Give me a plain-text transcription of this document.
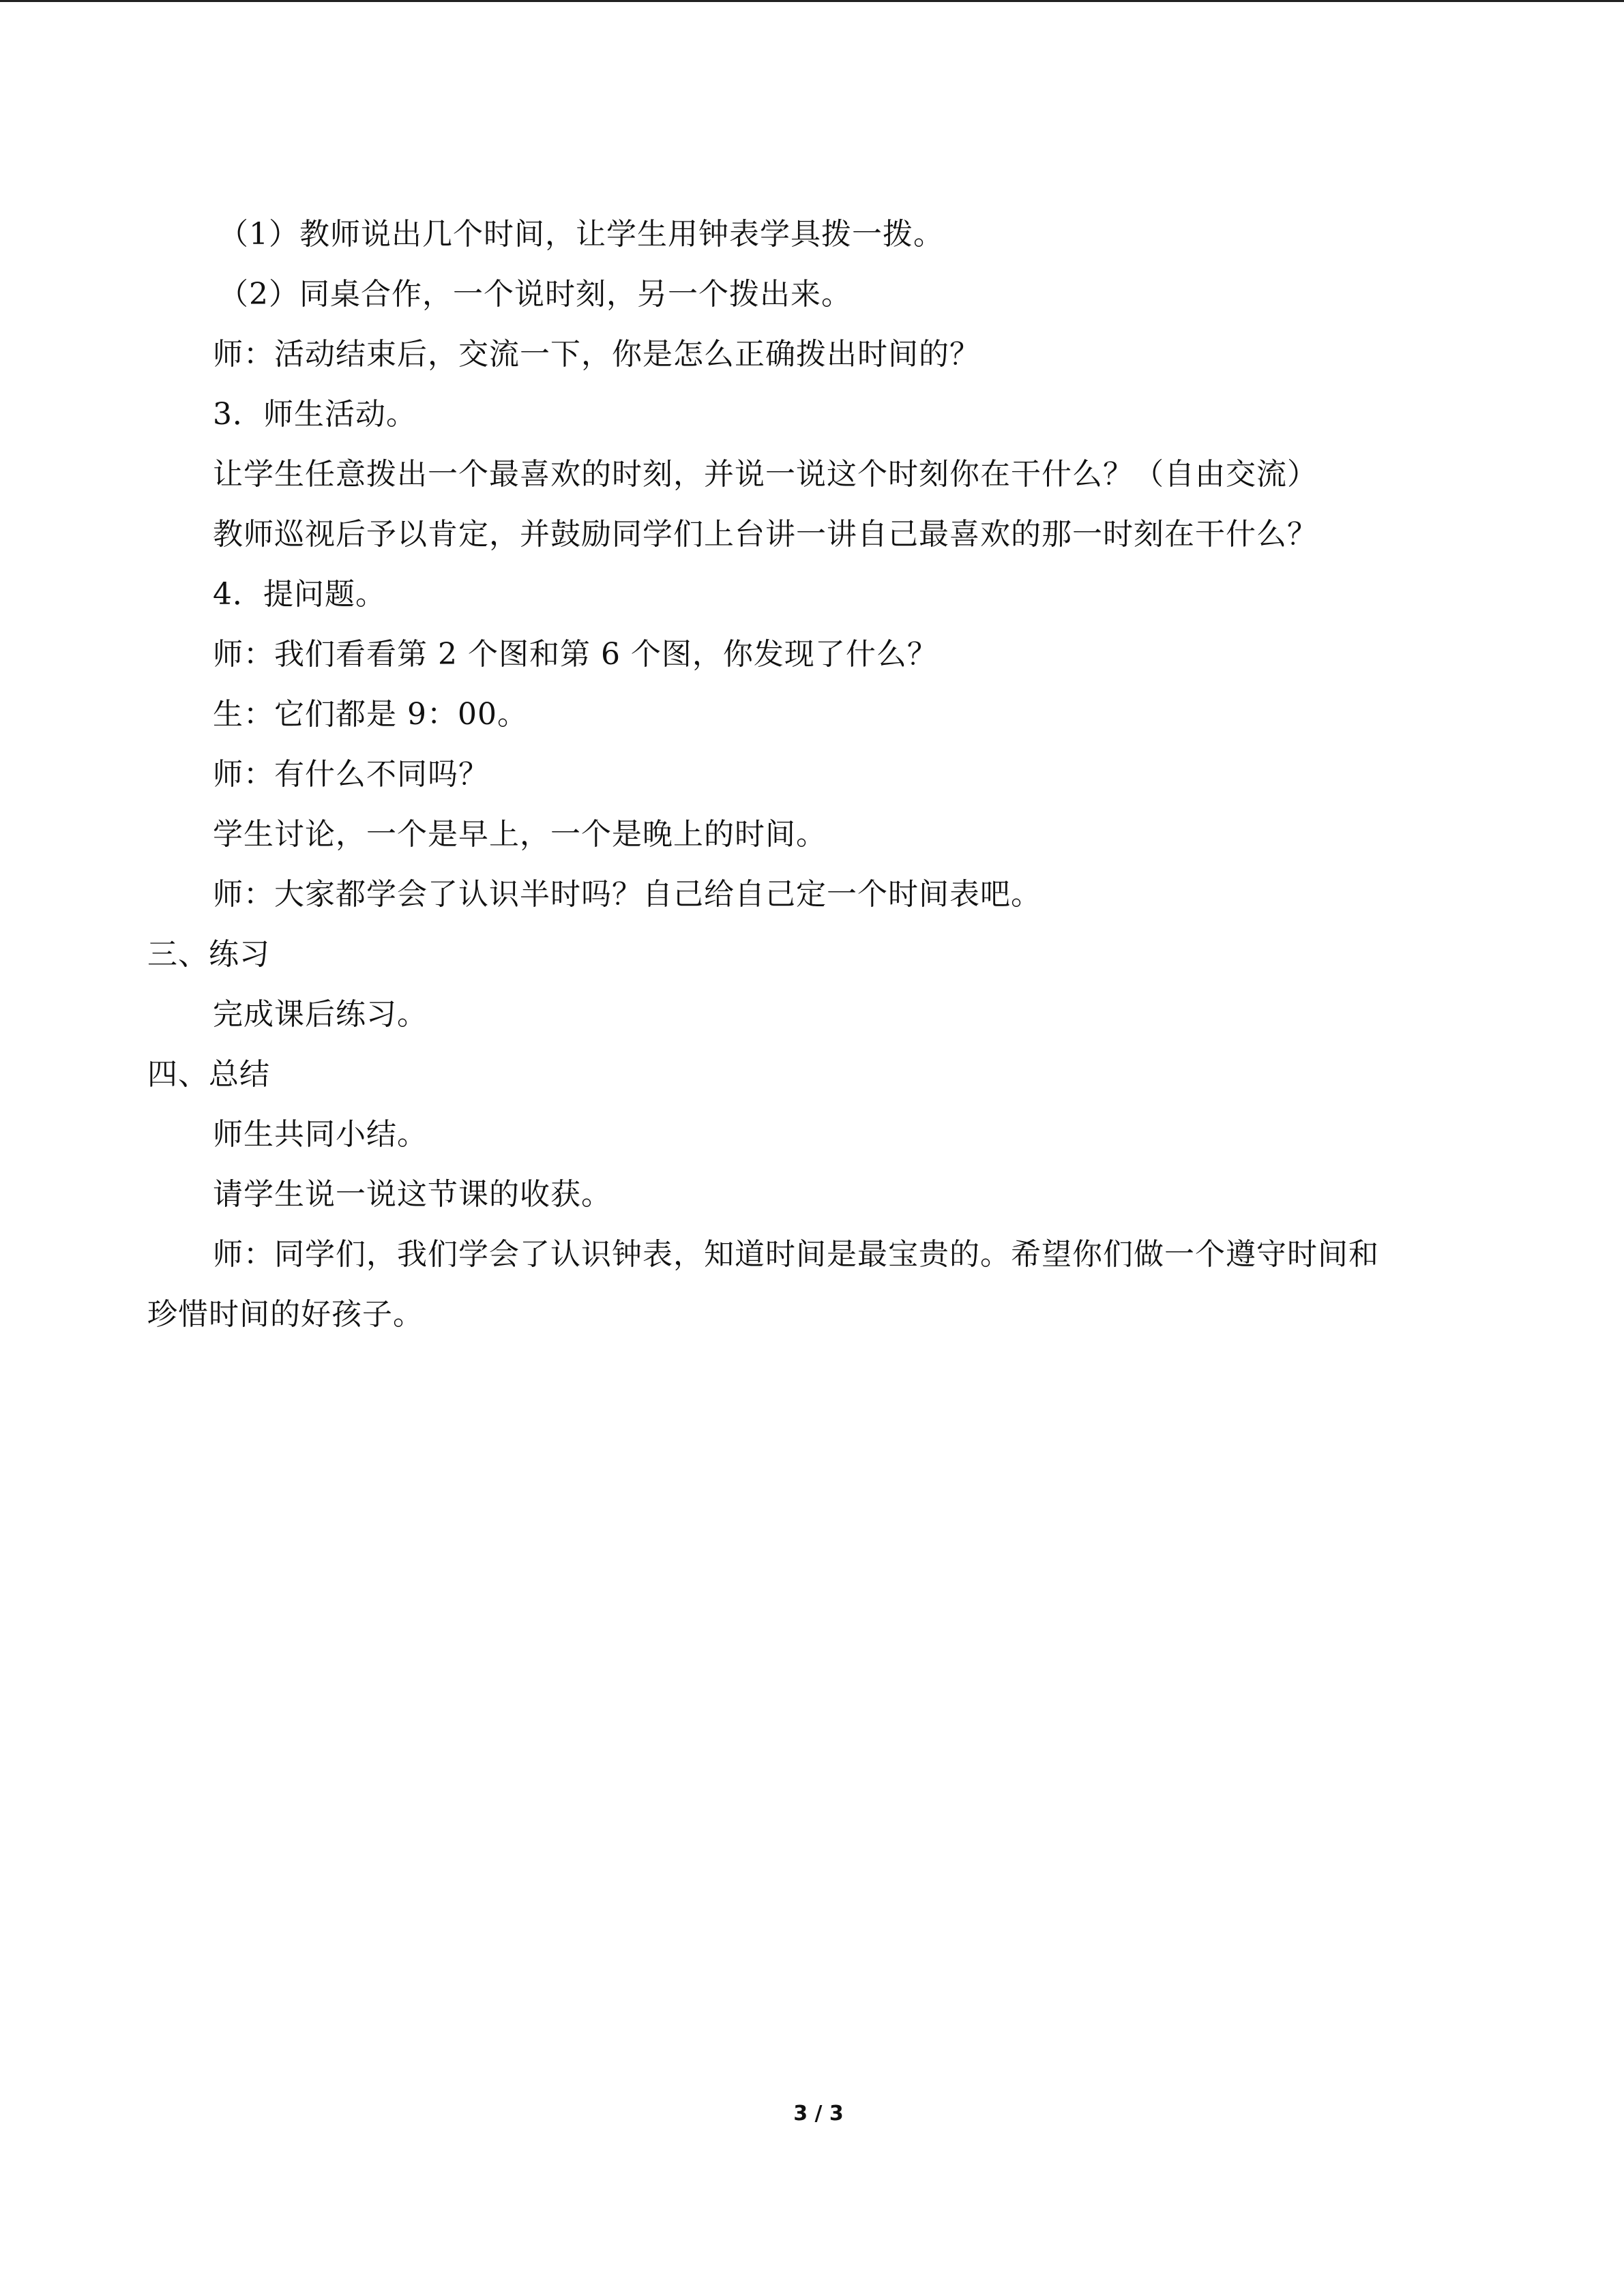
（1）教师说出几个时间，让学生用钟表学具拨一拨。
（2）同桌合作，一个说时刻，另一个拨出来。
师：活动结束后，交流一下，你是怎么正确拨出时间的？
3．师生活动。
让学生任意拨出一个最喜欢的时刻，并说一说这个时刻你在干什么？（自由交流）
教师巡视后予以肯定，并鼓励同学们上台讲一讲自己最喜欢的那一时刻在干什么？
4．提问题。
师：我们看看第 2 个图和第 6 个图，你发现了什么？
生：它们都是 9：00。
师：有什么不同吗？
学生讨论，一个是早上，一个是晚上的时间。
师：大家都学会了认识半时吗？自己给自己定一个时间表吧。
三、练习
完成课后练习。
四、总结
师生共同小结。
请学生说一说这节课的收获。
师：同学们，我们学会了认识钟表，知道时间是最宝贵的。希望你们做一个遵守时间和
珍惜时间的好孩子。
3 / 3
